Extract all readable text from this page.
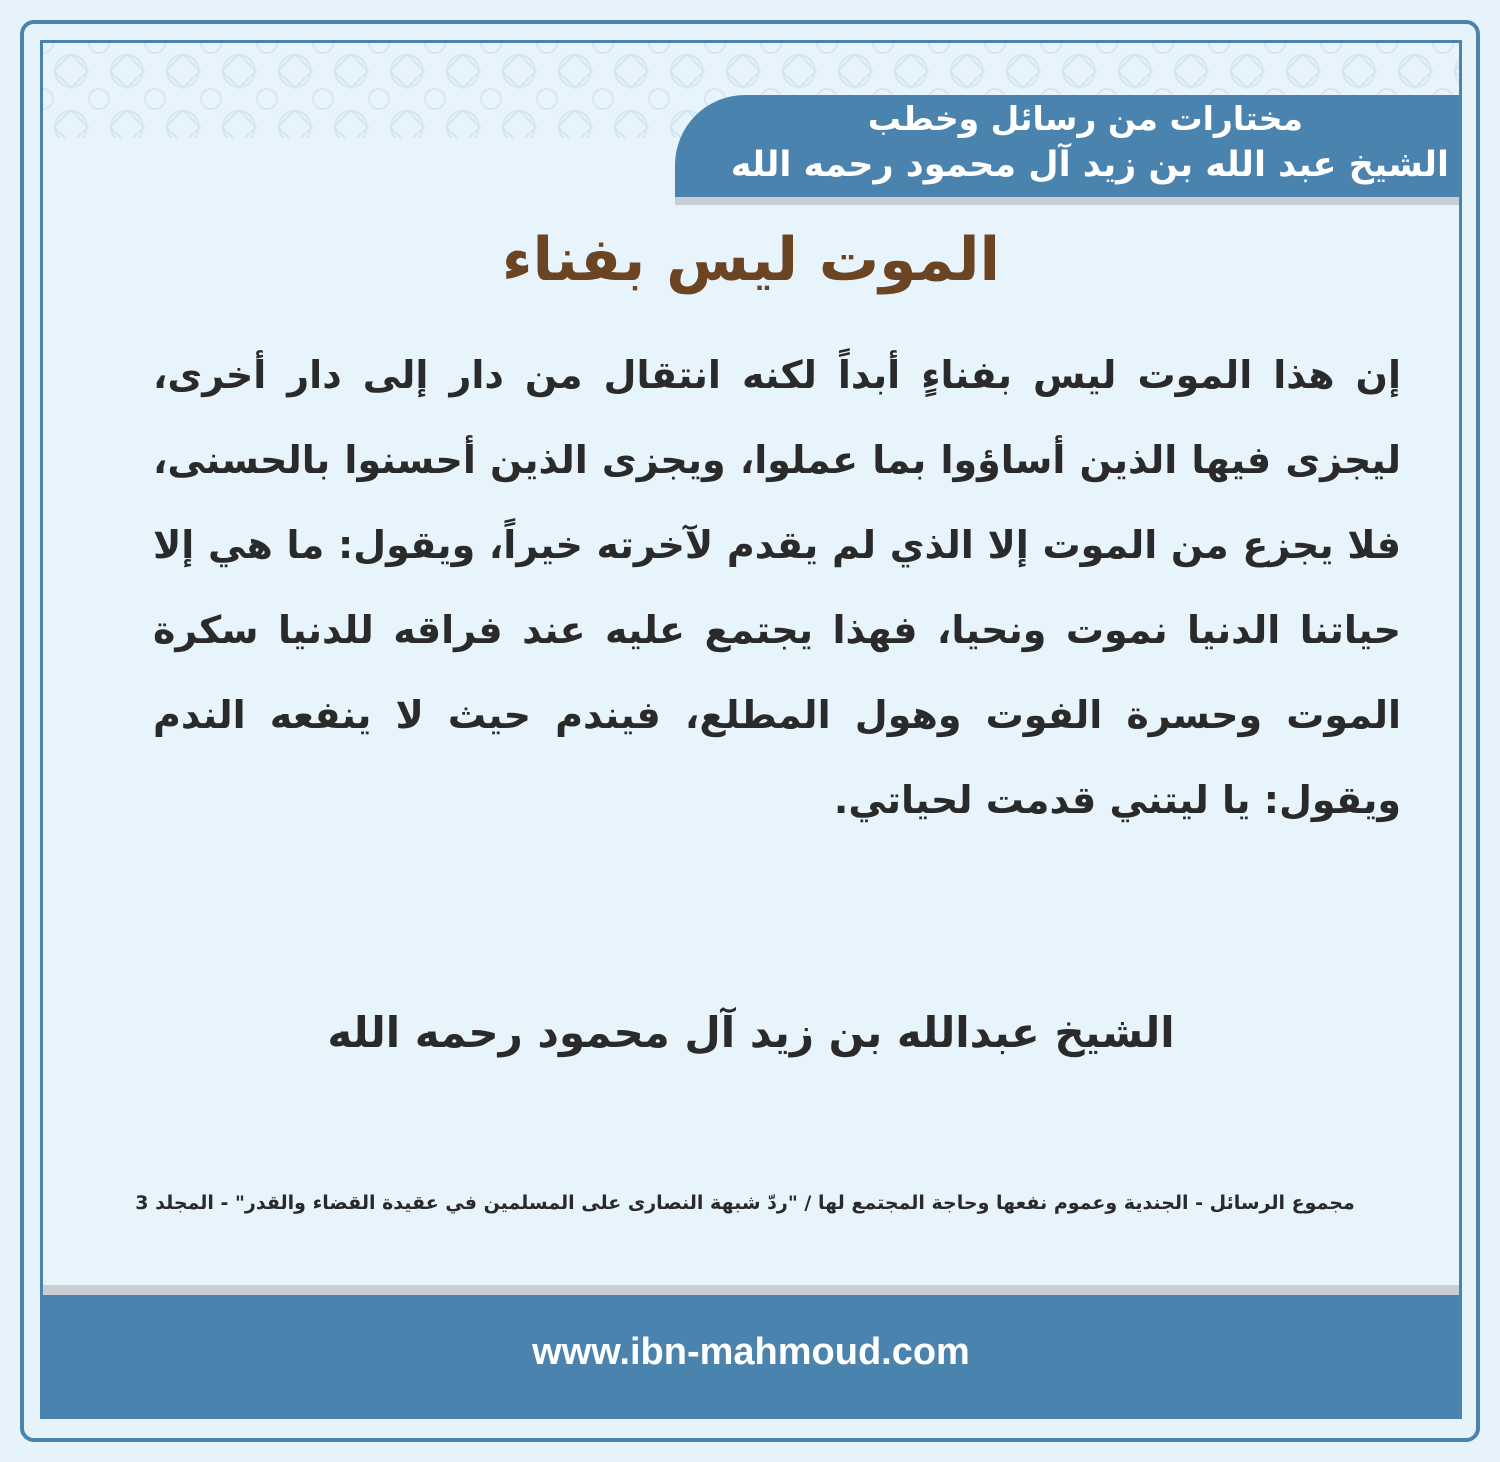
مختارات من رسائل وخطب
الشيخ عبد الله بن زيد آل محمود رحمه الله
الموت ليس بفناء
إن هذا الموت ليس بفناءٍ أبداً لكنه انتقال من دار إلى دار أخرى، ليجزى فيها الذين أساؤوا بما عملوا، ويجزى الذين أحسنوا بالحسنى، فلا يجزع من الموت إلا الذي لم يقدم لآخرته خيراً، ويقول: ما هي إلا حياتنا الدنيا نموت ونحيا، فهذا يجتمع عليه عند فراقه للدنيا سكرة الموت وحسرة الفوت وهول المطلع، فيندم حيث لا ينفعه الندم ويقول: يا ليتني قدمت لحياتي.
الشيخ عبدالله بن زيد آل محمود رحمه الله
مجموع الرسائل - الجندية وعموم نفعها وحاجة المجتمع لها / "ردّ شبهة النصارى على المسلمين في عقيدة القضاء والقدر" - المجلد 3
www.ibn-mahmoud.com
